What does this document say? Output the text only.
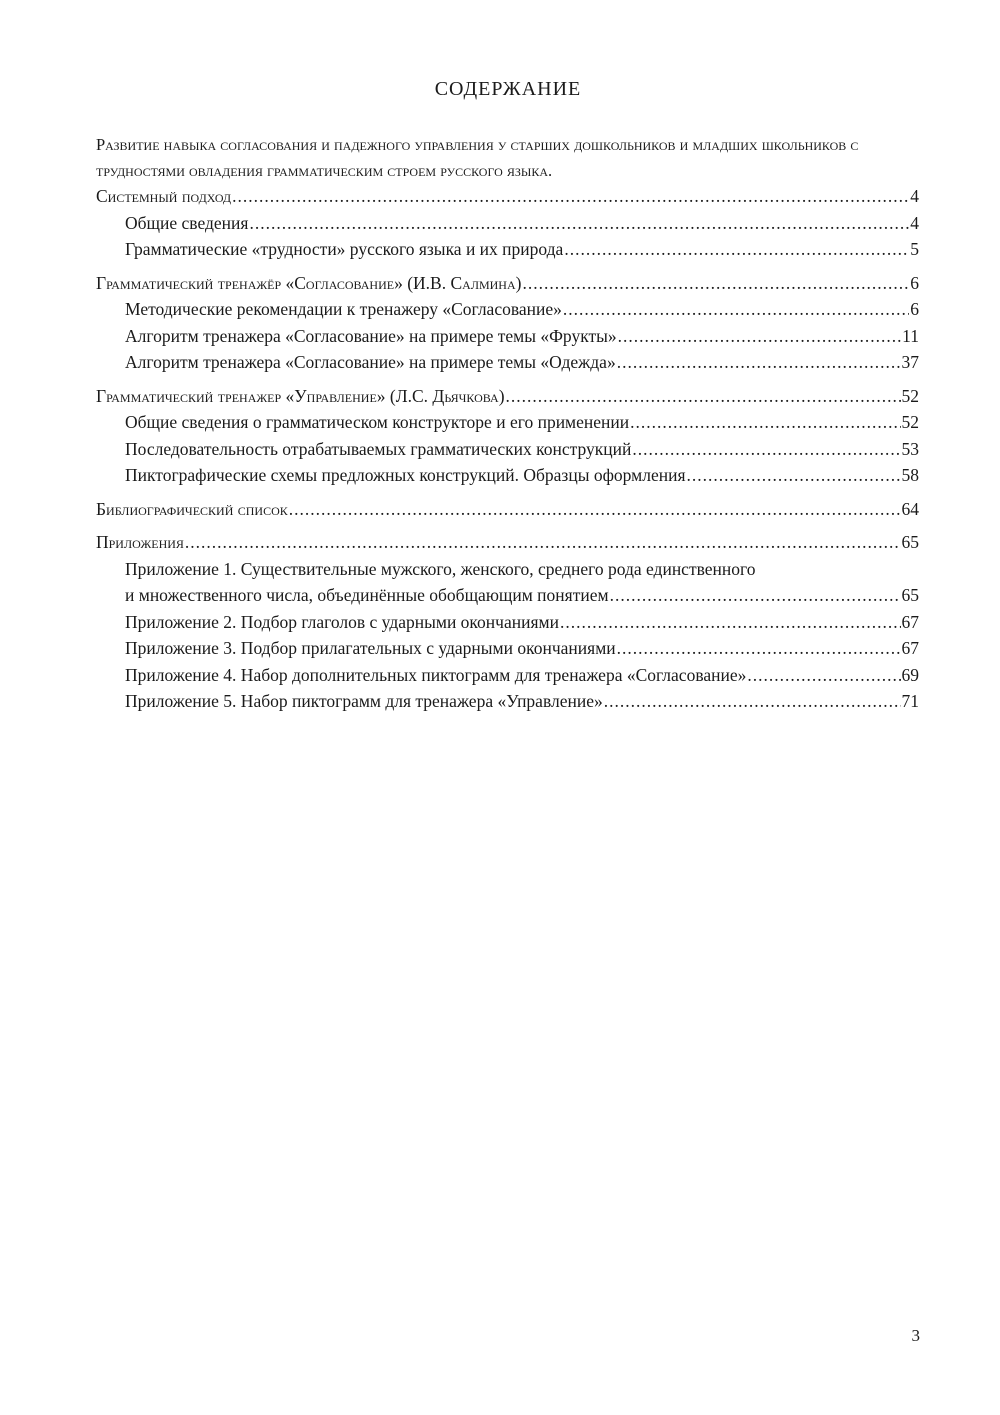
СОДЕРЖАНИЕ
Развитие навыка согласования и падежного управления у старших дошкольников и младших школьников с трудностями овладения грамматическим строем русского языка.
Системный подход .....	4
Общие сведения .....	4
Грамматические «трудности» русского языка и их природа .....	5
Грамматический тренажёр «Согласование» (И.В. Салмина) .....	6
Методические рекомендации к тренажеру «Согласование» .....	6
Алгоритм тренажера «Согласование» на примере темы «Фрукты» .....	11
Алгоритм тренажера «Согласование» на примере темы «Одежда» .....	37
Грамматический тренажер «Управление» (Л.С. Дьячкова) .....	52
Общие сведения о грамматическом конструкторе и его применении .....	52
Последовательность отрабатываемых грамматических конструкций .....	53
Пиктографические схемы предложных конструкций. Образцы оформления .....	58
Библиографический список .....	64
Приложения .....	65
Приложение 1. Существительные мужского, женского, среднего рода единственного
и множественного числа, объединённые обобщающим понятием .....	65
Приложение 2. Подбор глаголов с ударными окончаниями .....	67
Приложение 3. Подбор прилагательных с ударными окончаниями .....	67
Приложение 4. Набор дополнительных пиктограмм для тренажера «Согласование» .....	69
Приложение 5. Набор пиктограмм для тренажера «Управление» .....	71
3
